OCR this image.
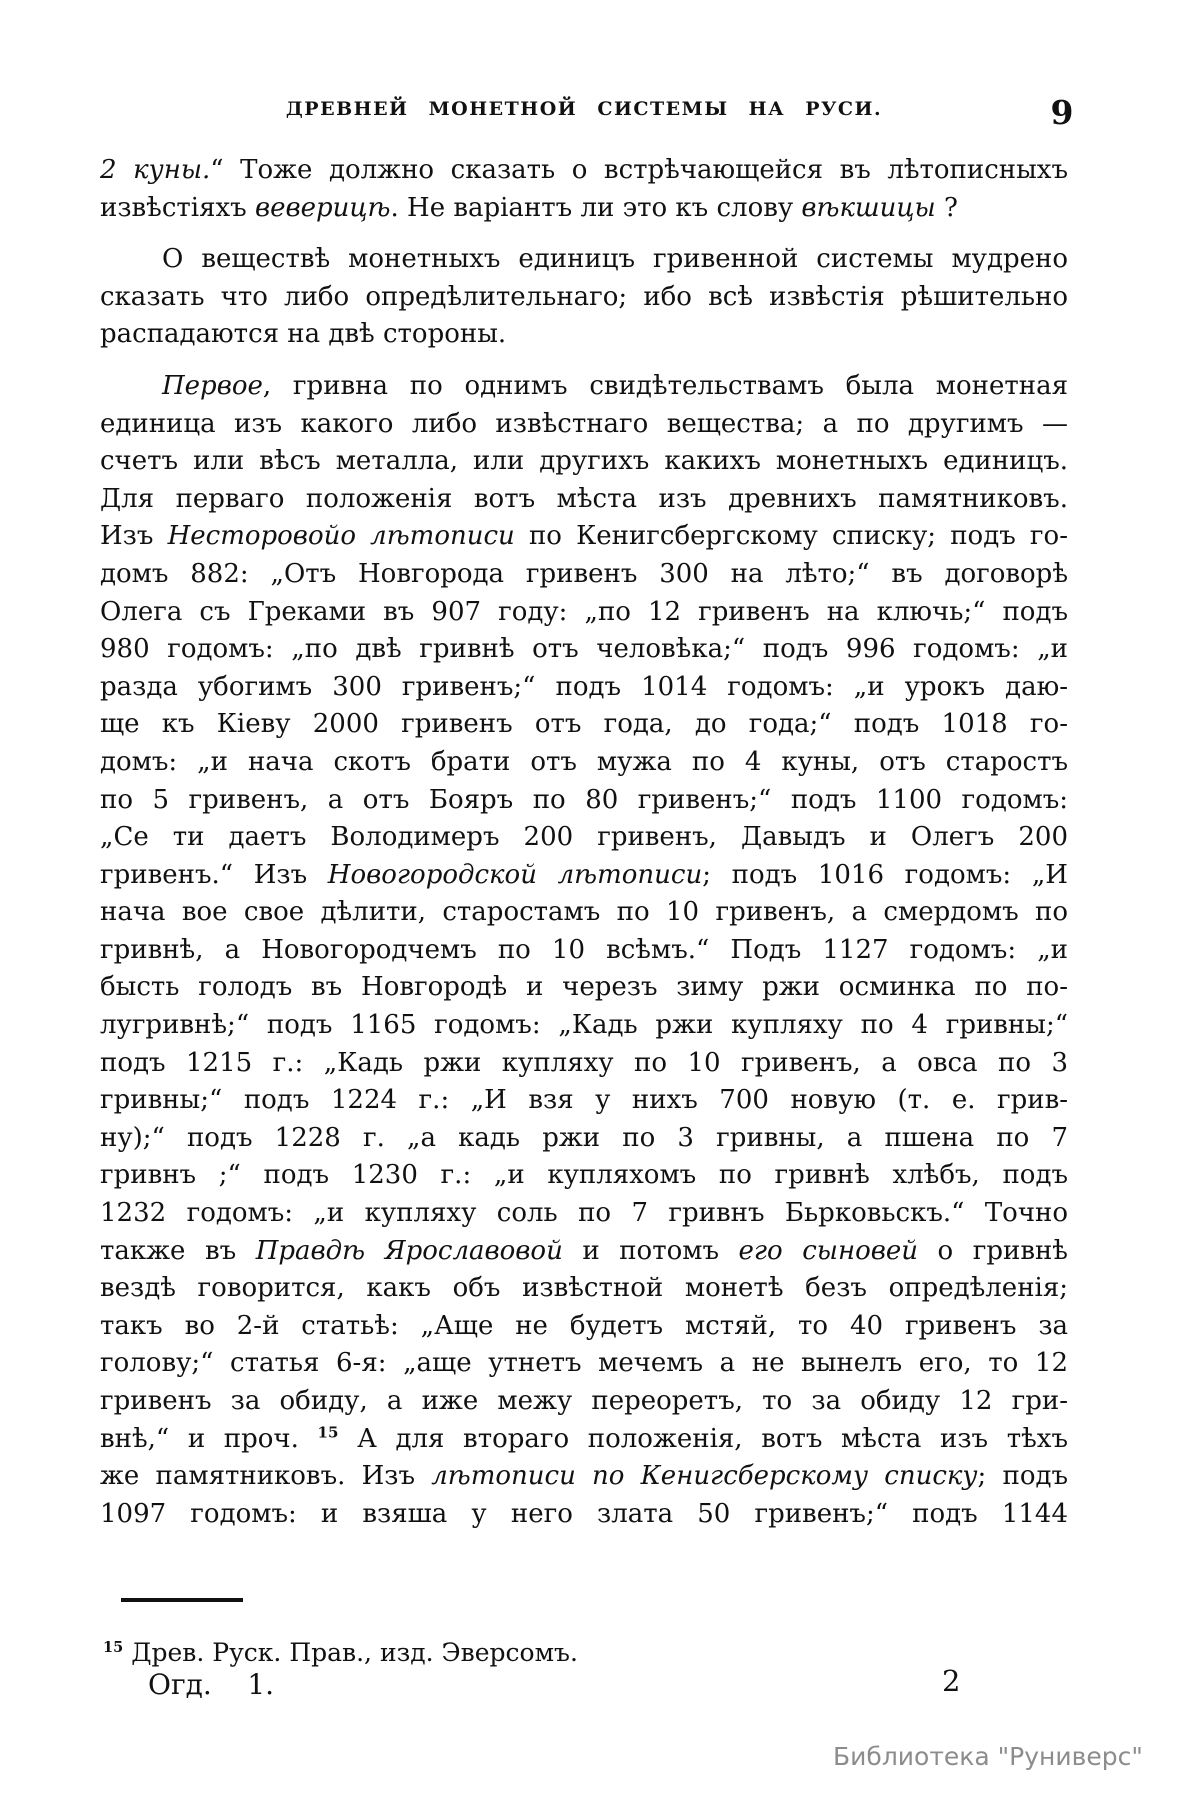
ДРЕВНЕЙ МОНЕТНОЙ СИСТЕМЫ НА РУСИ.	9
2 куны.“ Тоже должно сказать о встрѣчающейся въ лѣтописныхъ
извѣстіяхъ веверицѣ. Не варіантъ ли это къ слову вѣкшицы ?
О веществѣ монетныхъ единицъ гривенной системы мудрено
сказать что либо опредѣлительнаго; ибо всѣ извѣстія рѣшительно
распадаются на двѣ стороны.
Первое, гривна по однимъ свидѣтельствамъ была монетная
единица изъ какого либо извѣстнаго вещества; а по другимъ —
счетъ или вѣсъ металла, или другихъ какихъ монетныхъ единицъ.
Для перваго положенія вотъ мѣста изъ древнихъ памятниковъ.
Изъ Несторовойо лѣтописи по Кенигсбергскому списку; подъ го-
домъ 882: „Отъ Новгорода гривенъ 300 на лѣто;“ въ договорѣ
Олега съ Греками въ 907 году: „по 12 гривенъ на ключь;“ подъ
980 годомъ: „по двѣ гривнѣ отъ человѣка;“ подъ 996 годомъ: „и
разда убогимъ 300 гривенъ;“ подъ 1014 годомъ: „и урокъ даю-
ще къ Кіеву 2000 гривенъ отъ года, до года;“ подъ 1018 го-
домъ: „и нача скотъ брати отъ мужа по 4 куны, отъ старостъ
по 5 гривенъ, а отъ Бояръ по 80 гривенъ;“ подъ 1100 годомъ:
„Се ти даетъ Володимеръ 200 гривенъ, Давыдъ и Олегъ 200
гривенъ.“ Изъ Новогородской лѣтописи; подъ 1016 годомъ: „И
нача вое свое дѣлити, старостамъ по 10 гривенъ, а смердомъ по
гривнѣ, а Новогородчемъ по 10 всѣмъ.“ Подъ 1127 годомъ: „и
бысть голодъ въ Новгородѣ и черезъ зиму ржи осминка по по-
лугривнѣ;“ подъ 1165 годомъ: „Кадь ржи купляху по 4 гривны;“
подъ 1215 г.: „Кадь ржи купляху по 10 гривенъ, а овса по 3
гривны;“ подъ 1224 г.: „И взя у нихъ 700 новую (т. е. грив-
ну);“ подъ 1228 г. „а кадь ржи по 3 гривны, а пшена по 7
гривнъ ;“ подъ 1230 г.: „и купляхомъ по гривнѣ хлѣбъ, подъ
1232 годомъ: „и купляху соль по 7 гривнъ Бьрковьскъ.“ Точно
также въ Правдѣ Ярославовой и потомъ его сыновей о гривнѣ
вездѣ говорится, какъ объ извѣстной монетѣ безъ опредѣленія;
такъ во 2-й статьѣ: „Аще не будетъ мстяй, то 40 гривенъ за
голову;“ статья 6-я: „аще утнетъ мечемъ а не вынелъ его, то 12
гривенъ за обиду, а иже межу переоретъ, то за обиду 12 гри-
внѣ,“ и проч. $^{15}$ А для втораго положенія, вотъ мѣста изъ тѣхъ
же памятниковъ. Изъ лѣтописи по Кенигсберскому списку; подъ
1097 годомъ: и взяша у него злата 50 гривенъ;“ подъ 1144
$^{15}$ Древ. Руск. Прав., изд. Эверсомъ.
Огд.    1.	2
Библиотека "Руниверс"
